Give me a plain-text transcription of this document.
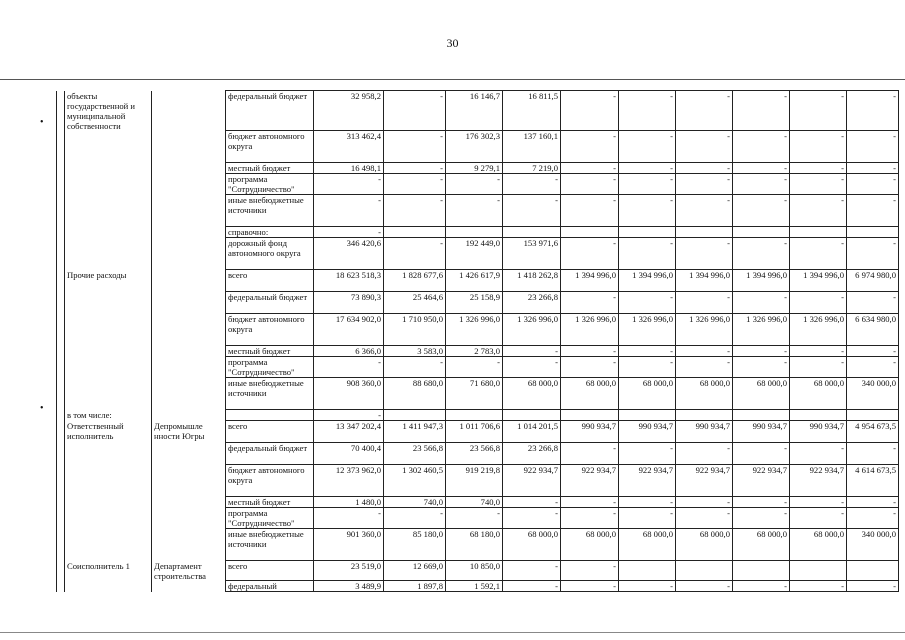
30
•
•
	объекты государственной и муниципальной собственности		федеральный бюджет	32 958,2	-	16 146,7	16 811,5	-	-	-	-	-	-
			бюджет автономного округа	313 462,4	-	176 302,3	137 160,1	-	-	-	-	-	-
			местный бюджет	16 498,1	-	9 279,1	7 219,0	-	-	-	-	-	-
			программа "Сотрудничество"	-	-	-	-	-	-	-	-	-	-
			иные внебюджетные источники	-	-	-	-	-	-	-	-	-	-
			справочно:	-									
			дорожный фонд автономного округа	346 420,6	-	192 449,0	153 971,6	-	-	-	-	-	-
	Прочие расходы		всего	18 623 518,3	1 828 677,6	1 426 617,9	1 418 262,8	1 394 996,0	1 394 996,0	1 394 996,0	1 394 996,0	1 394 996,0	6 974 980,0
			федеральный бюджет	73 890,3	25 464,6	25 158,9	23 266,8	-	-	-	-	-	-
			бюджет автономного округа	17 634 902,0	1 710 950,0	1 326 996,0	1 326 996,0	1 326 996,0	1 326 996,0	1 326 996,0	1 326 996,0	1 326 996,0	6 634 980,0
			местный бюджет	6 366,0	3 583,0	2 783,0	-	-	-	-	-	-	-
			программа "Сотрудничество"	-	-	-	-	-	-	-	-	-	-
			иные внебюджетные источники	908 360,0	88 680,0	71 680,0	68 000,0	68 000,0	68 000,0	68 000,0	68 000,0	68 000,0	340 000,0
	в том числе:			-									
	Ответственный исполнитель	Депромышле нности Югры	всего	13 347 202,4	1 411 947,3	1 011 706,6	1 014 201,5	990 934,7	990 934,7	990 934,7	990 934,7	990 934,7	4 954 673,5
			федеральный бюджет	70 400,4	23 566,8	23 566,8	23 266,8	-	-	-	-	-	-
			бюджет автономного округа	12 373 962,0	1 302 460,5	919 219,8	922 934,7	922 934,7	922 934,7	922 934,7	922 934,7	922 934,7	4 614 673,5
			местный бюджет	1 480,0	740,0	740,0	-	-	-	-	-	-	-
			программа "Сотрудничество"	-	-	-	-	-	-	-	-	-	-
			иные внебюджетные источники	901 360,0	85 180,0	68 180,0	68 000,0	68 000,0	68 000,0	68 000,0	68 000,0	68 000,0	340 000,0
	Соисполнитель 1	Департамент строительства	всего	23 519,0	12 669,0	10 850,0	-	-					
			федеральный	3 489,9	1 897,8	1 592,1	-	-	-	-	-	-	-
